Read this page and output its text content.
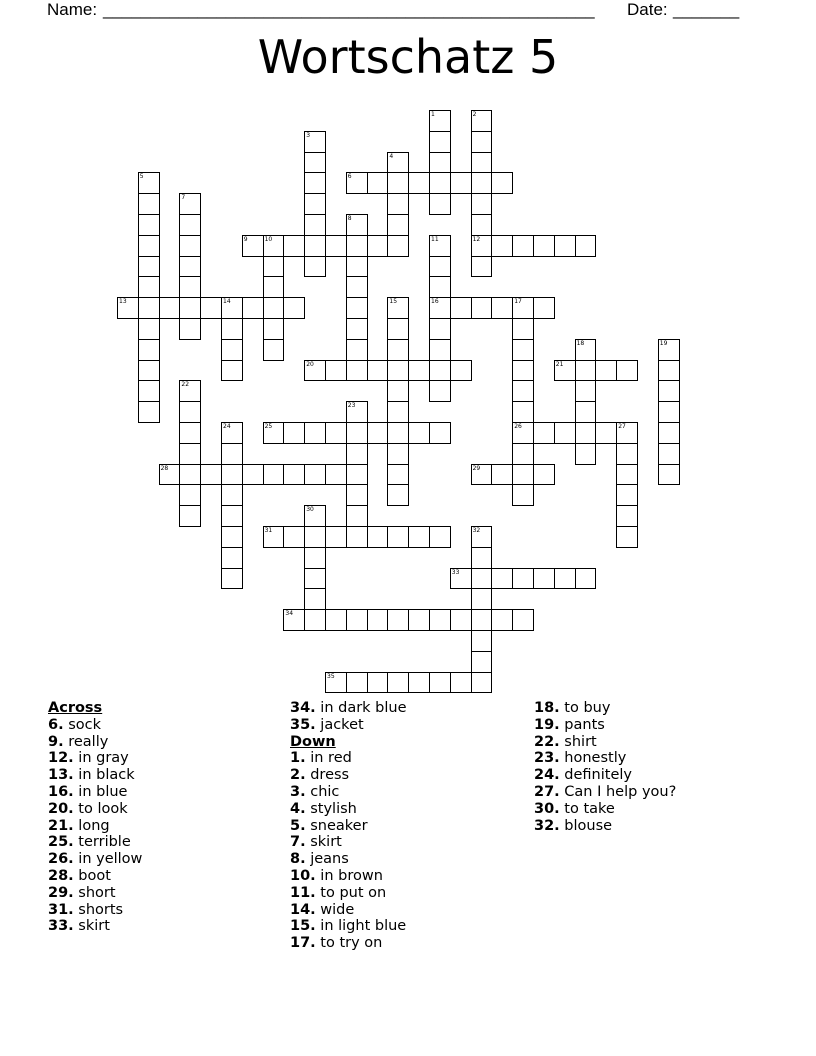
Name: ____________________________________________________ Date: _______
Wortschatz 5
1	2
12
3
4
5	6
7
8
9	10	11
16
13	14	15	17
26
18	19
20	21
22
23
24	25	27
28	29
30
31	32
33
34
35
Across
6. sock
9. really
12. in gray
13. in black
16. in blue
20. to look
21. long
25. terrible
26. in yellow
28. boot
29. short
31. shorts
33. skirt
34. in dark blue
35. jacket
Down
1. in red
2. dress
3. chic
4. stylish
5. sneaker
7. skirt
8. jeans
10. in brown
11. to put on
14. wide
15. in light blue
17. to try on
18. to buy
19. pants
22. shirt
23. honestly
24. definitely
27. Can I help you?
30. to take
32. blouse
